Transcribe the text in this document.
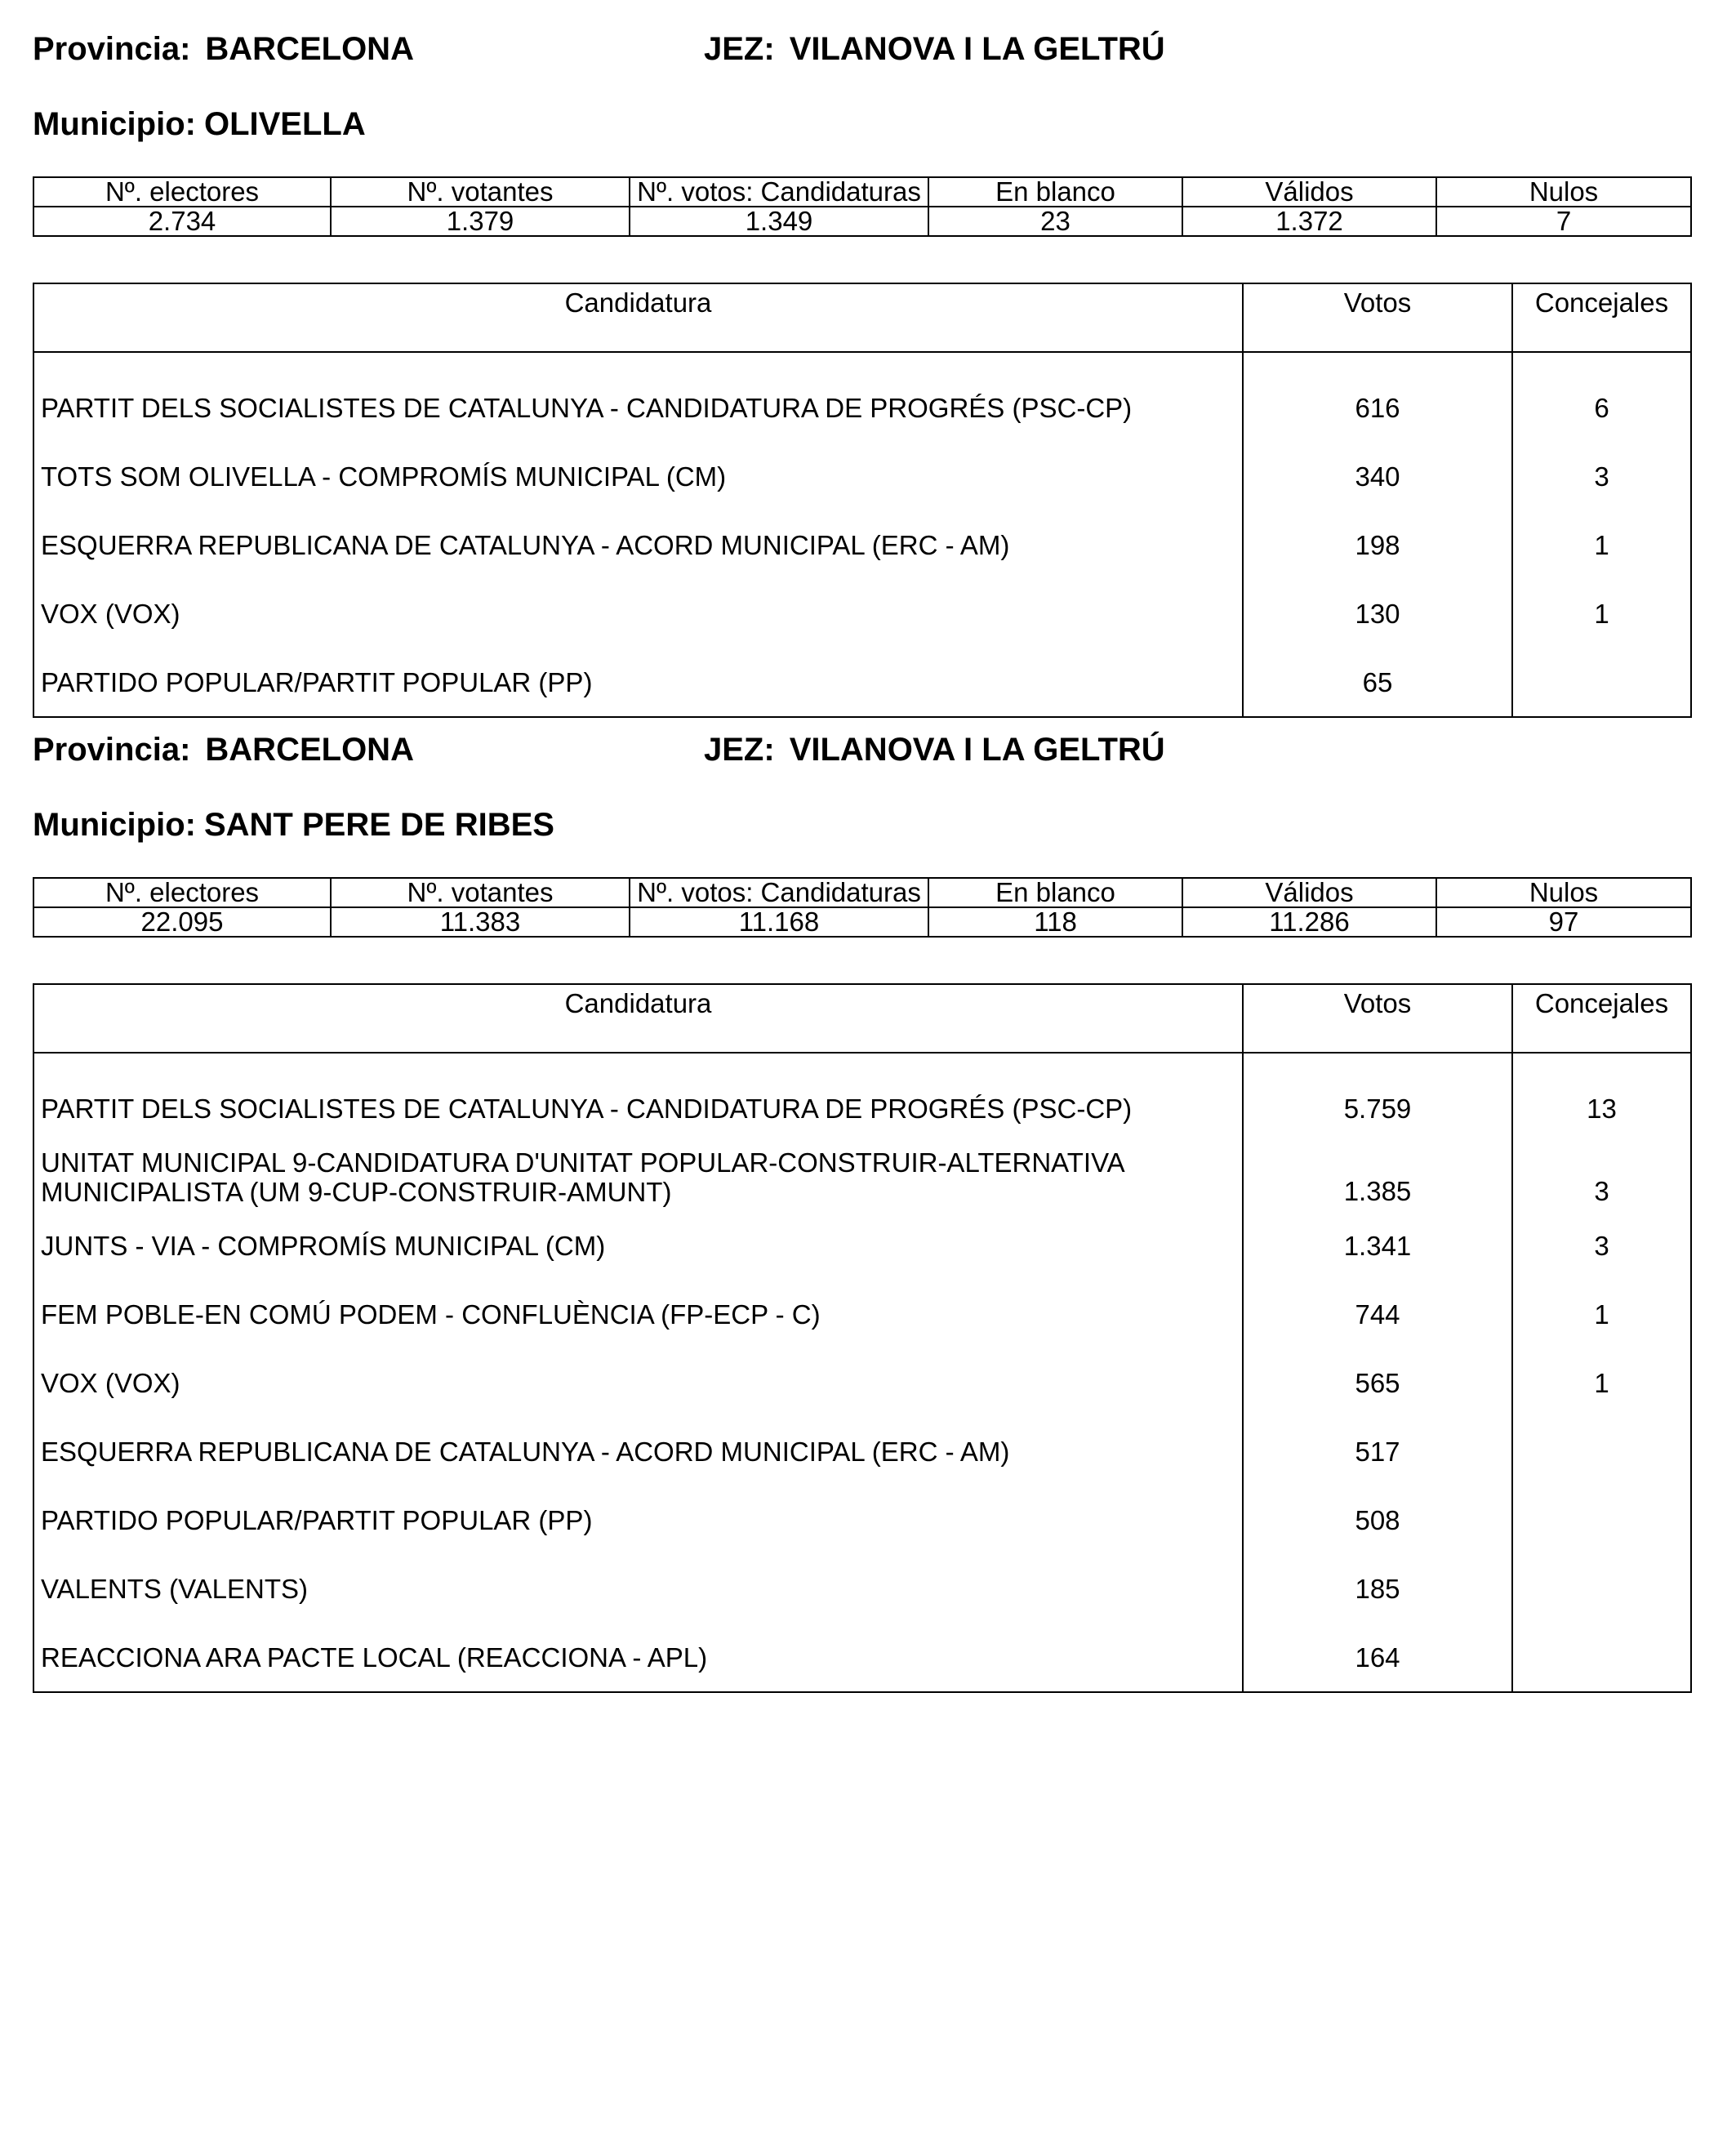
Provincia: BARCELONA	JEZ: VILANOVA I LA GELTRÚ
Municipio: OLIVELLA
Nº. electores	Nº. votantes	Nº. votos: Candidaturas	En blanco	Válidos	Nulos
2.734	1.379	1.349	23	1.372	7
Candidatura	Votos	Concejales

PARTIT DELS SOCIALISTES DE CATALUNYA - CANDIDATURA DE PROGRÉS (PSC-CP)	616	6
TOTS SOM OLIVELLA - COMPROMÍS MUNICIPAL (CM)	340	3
ESQUERRA REPUBLICANA DE CATALUNYA - ACORD MUNICIPAL (ERC - AM)	198	1
VOX (VOX)	130	1
PARTIDO POPULAR/PARTIT POPULAR (PP)	65	
Provincia: BARCELONA	JEZ: VILANOVA I LA GELTRÚ
Municipio: SANT PERE DE RIBES
Nº. electores	Nº. votantes	Nº. votos: Candidaturas	En blanco	Válidos	Nulos
22.095	11.383	11.168	118	11.286	97
Candidatura	Votos	Concejales

PARTIT DELS SOCIALISTES DE CATALUNYA - CANDIDATURA DE PROGRÉS (PSC-CP)	5.759	13

UNITAT MUNICIPAL 9-CANDIDATURA D'UNITAT POPULAR-CONSTRUIR-ALTERNATIVA
MUNICIPALISTA (UM 9-CUP-CONSTRUIR-AMUNT)	1.385	3
JUNTS - VIA - COMPROMÍS MUNICIPAL (CM)	1.341	3
FEM POBLE-EN COMÚ PODEM - CONFLUÈNCIA (FP-ECP - C)	744	1
VOX (VOX)	565	1
ESQUERRA REPUBLICANA DE CATALUNYA - ACORD MUNICIPAL (ERC - AM)	517	
PARTIDO POPULAR/PARTIT POPULAR (PP)	508	
VALENTS (VALENTS)	185	
REACCIONA ARA PACTE LOCAL (REACCIONA - APL)	164	
